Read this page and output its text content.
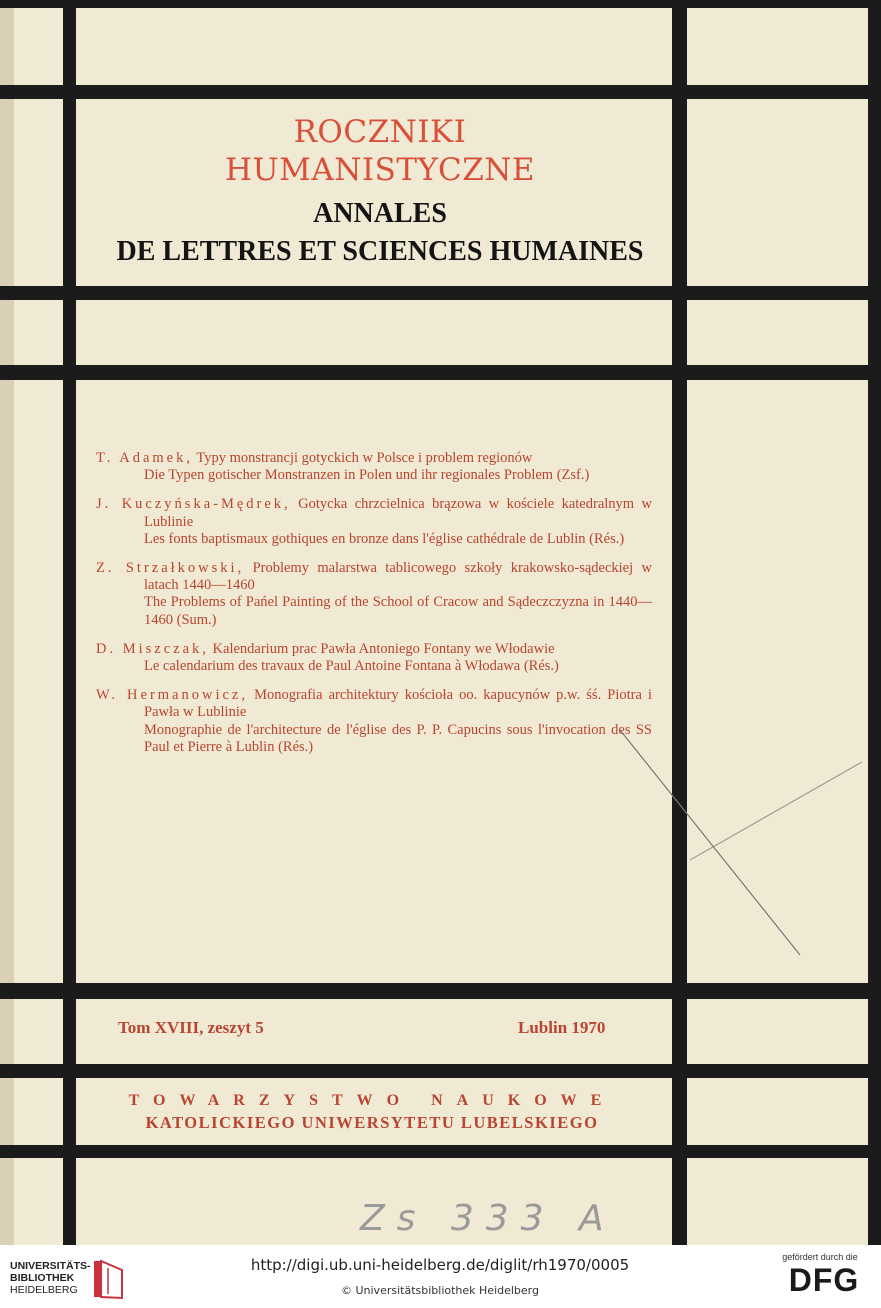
ROCZNIKI
HUMANISTYCZNE
ANNALES
DE LETTRES ET SCIENCES HUMAINES

T. Adamek, Typy monstrancji gotyckich w Polsce i problem regionów

Die Typen gotischer Monstranzen in Polen und ihr regionales Problem (Zsf.)

J. Kuczyńska-Mędrek, Gotycka chrzcielnica brązowa w kościele katedralnym w Lublinie

Les fonts baptismaux gothiques en bronze dans l'église cathédrale de Lublin (Rés.)

Z. Strzałkowski, Problemy malarstwa tablicowego szkoły krakowsko-sądeckiej w latach 1440—1460

The Problems of Pańel Painting of the School of Cracow and Sądeczczyzna in 1440—1460 (Sum.)

D. Miszczak, Kalendarium prac Pawła Antoniego Fontany we Włodawie

Le calendarium des travaux de Paul Antoine Fontana à Włodawa (Rés.)

W. Hermanowicz, Monografia architektury kościoła oo. kapucynów p.w. śś. Piotra i Pawła w Lublinie

Monographie de l'architecture de l'église des P. P. Capucins sous l'invocation des SS Paul et Pierre à Lublin (Rés.)

Tom XVIII, zeszyt 5	Lublin 1970
TOWARZYSTWO NAUKOWE
KATOLICKIEGO UNIWERSYTETU LUBELSKIEGO
Zs 333 A
UNIVERSITÄTS-
BIBLIOTHEK
HEIDELBERG
http://digi.ub.uni-heidelberg.de/diglit/rh1970/0005
© Universitätsbibliothek Heidelberg
gefördert durch die
DFG
